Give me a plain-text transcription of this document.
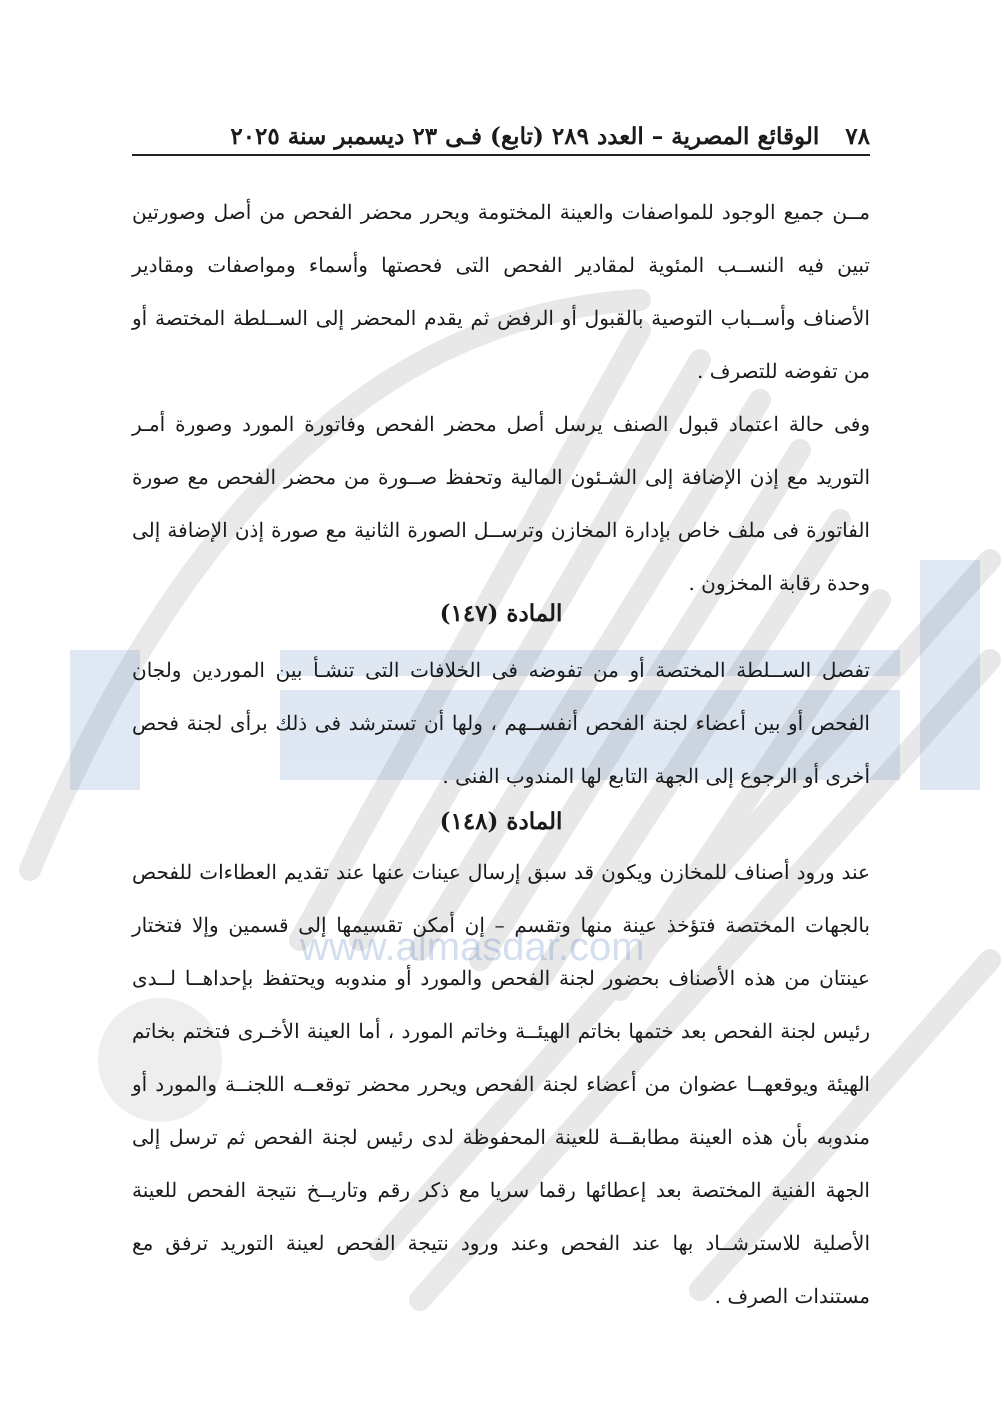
www.almasdar.com
٧٨
الوقائع المصرية – العدد ٢٨٩ (تابع) فـى ٢٣ ديسمبر سنة ٢٠٢٥

مــن جميع الوجود للمواصفات والعينة المختومة ويحرر محضر الفحص من أصل وصورتين تبين فيه النســب المئوية لمقادير الفحص التى فحصتها وأسماء ومواصفات ومقادير الأصناف وأســباب التوصية بالقبول أو الرفض ثم يقدم المحضر إلى الســلطة المختصة أو من تفوضه للتصرف .

وفى حالة اعتماد قبول الصنف يرسل أصل محضر الفحص وفاتورة المورد وصورة أمـر التوريد مع إذن الإضافة إلى الشـئون المالية وتحفظ صــورة من محضر الفحص مع صورة الفاتورة فى ملف خاص بإدارة المخازن وترســل الصورة الثانية مع صورة إذن الإضافة إلى وحدة رقابة المخزون .

المادة (١٤٧)

تفصل الســلطة المختصة أو من تفوضه فى الخلافات التى تنشـأ بين الموردين ولجان الفحص أو بين أعضاء لجنة الفحص أنفســهم ، ولها أن تسترشد فى ذلك برأى لجنة فحص أخرى أو الرجوع إلى الجهة التابع لها المندوب الفنى .

المادة (١٤٨)

عند ورود أصناف للمخازن ويكون قد سبق إرسال عينات عنها عند تقديم العطاءات للفحص بالجهات المختصة فتؤخذ عينة منها وتقسم – إن أمكن تقسيمها إلى قسمين وإلا فتختار عينتان من هذه الأصناف بحضور لجنة الفحص والمورد أو مندوبه ويحتفظ بإحداهــا لــدى رئيس لجنة الفحص بعد ختمها بخاتم الهيئــة وخاتم المورد ، أما العينة الأخـرى فتختم بخاتم الهيئة ويوقعهــا عضوان من أعضاء لجنة الفحص ويحرر محضر توقعــه اللجنــة والمورد أو مندوبه بأن هذه العينة مطابقــة للعينة المحفوظة لدى رئيس لجنة الفحص ثم ترسل إلى الجهة الفنية المختصة بعد إعطائها رقما سريا مع ذكر رقم وتاريــخ نتيجة الفحص للعينة الأصلية للاسترشــاد بها عند الفحص وعند ورود نتيجة الفحص لعينة التوريد ترفق مع مستندات الصرف .
